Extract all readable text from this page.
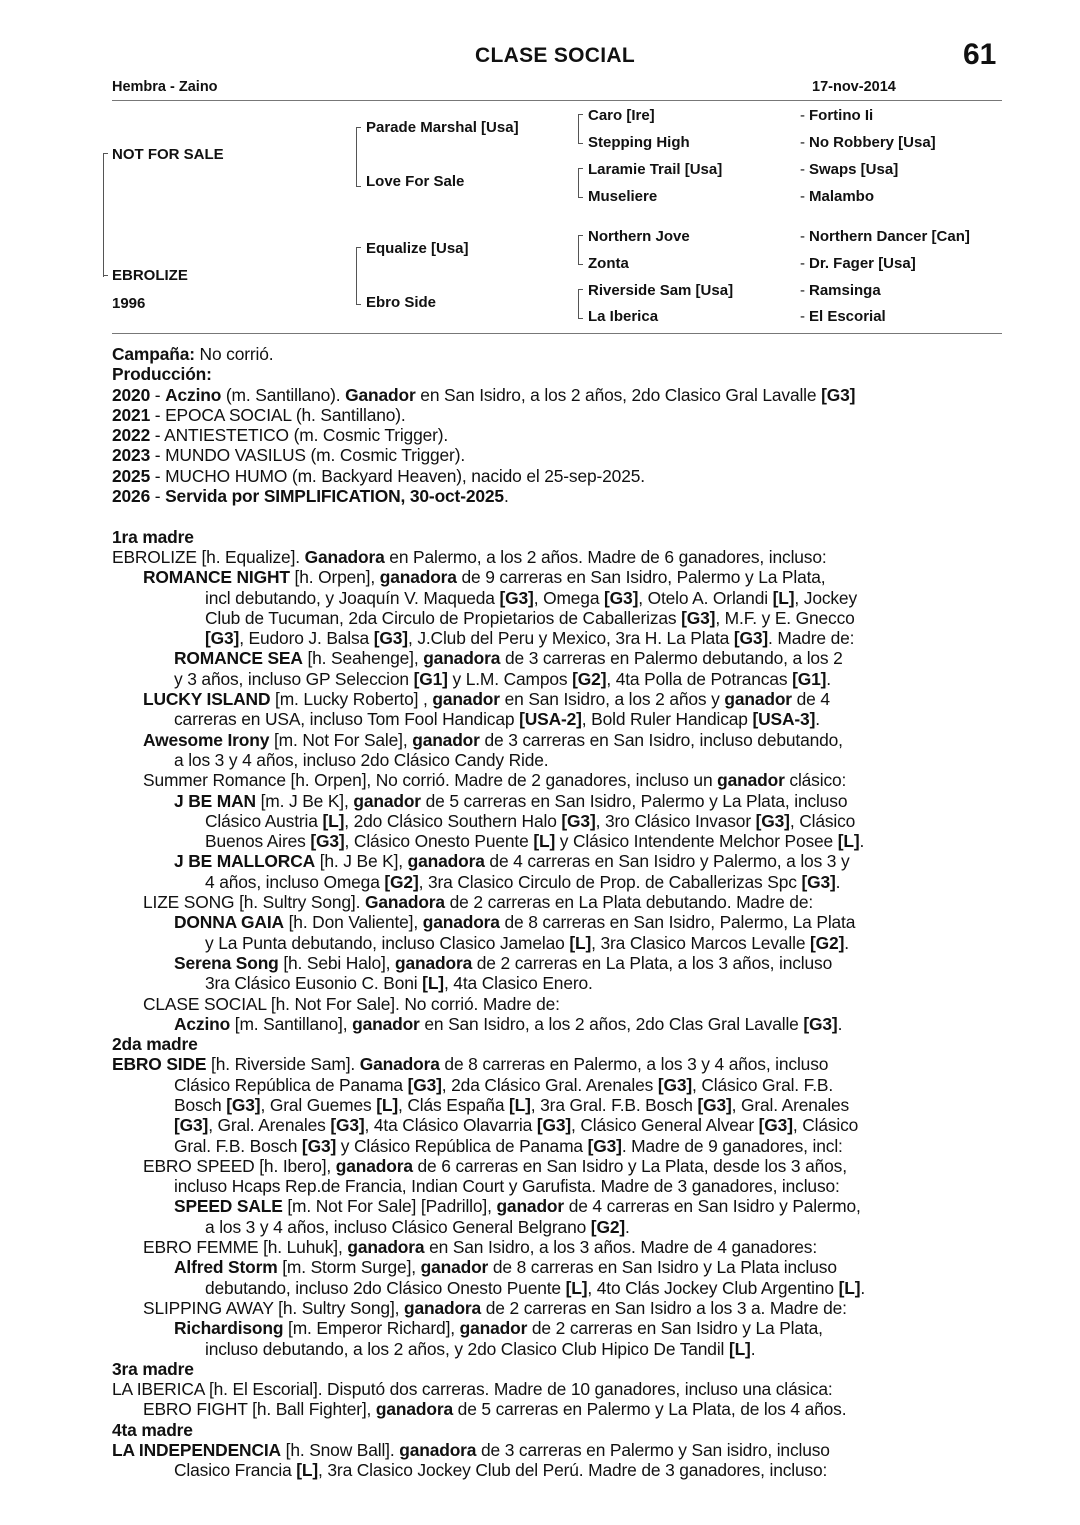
CLASE SOCIAL	61
Hembra - Zaino	17-nov-2014
NOT FOR SALE
EBROLIZE
1996
Parade Marshal [Usa]
Love For Sale
Equalize [Usa]
Ebro Side
Caro [Ire]
Stepping High
Laramie Trail [Usa]
Museliere
Northern Jove
Zonta
Riverside Sam [Usa]
La Iberica
- Fortino Ii
- No Robbery [Usa]
- Swaps [Usa]
- Malambo
- Northern Dancer [Can]
- Dr. Fager [Usa]
- Ramsinga
- El Escorial
Campaña: No corrió.
Producción:
2020 - Aczino (m. Santillano). Ganador en San Isidro, a los 2 años, 2do Clasico Gral Lavalle [G3]
2021 - EPOCA SOCIAL (h. Santillano).
2022 - ANTIESTETICO (m. Cosmic Trigger).
2023 - MUNDO VASILUS (m. Cosmic Trigger).
2025 - MUCHO HUMO (m. Backyard Heaven), nacido el 25-sep-2025.
2026 - Servida por SIMPLIFICATION, 30-oct-2025.
1ra madre
EBROLIZE [h. Equalize]. Ganadora en Palermo, a los 2 años. Madre de 6 ganadores, incluso:
ROMANCE NIGHT [h. Orpen], ganadora de 9 carreras en San Isidro, Palermo y La Plata,
incl debutando, y Joaquín V. Maqueda [G3], Omega [G3], Otelo A. Orlandi [L], Jockey
Club de Tucuman, 2da Circulo de Propietarios de Caballerizas [G3], M.F. y E. Gnecco
[G3], Eudoro J. Balsa [G3], J.Club del Peru y Mexico, 3ra H. La Plata [G3]. Madre de:
ROMANCE SEA [h. Seahenge], ganadora de 3 carreras en Palermo debutando, a los 2
y 3 años, incluso GP Seleccion [G1] y L.M. Campos [G2], 4ta Polla de Potrancas [G1].
LUCKY ISLAND [m. Lucky Roberto] , ganador en San Isidro, a los 2 años y ganador de 4
carreras en USA, incluso Tom Fool Handicap [USA-2], Bold Ruler Handicap [USA-3].
Awesome Irony [m. Not For Sale], ganador de 3 carreras en San Isidro, incluso debutando,
a los 3 y 4 años, incluso 2do Clásico Candy Ride.
Summer Romance [h. Orpen], No corrió. Madre de 2 ganadores, incluso un ganador clásico:
J BE MAN [m. J Be K], ganador de 5 carreras en San Isidro, Palermo y La Plata, incluso
Clásico Austria [L], 2do Clásico Southern Halo [G3], 3ro Clásico Invasor [G3], Clásico
Buenos Aires [G3], Clásico Onesto Puente [L] y Clásico Intendente Melchor Posee [L].
J BE MALLORCA [h. J Be K], ganadora de 4 carreras en San Isidro y Palermo, a los 3 y
4 años, incluso Omega [G2], 3ra Clasico Circulo de Prop. de Caballerizas Spc [G3].
LIZE SONG [h. Sultry Song]. Ganadora de 2 carreras en La Plata debutando. Madre de:
DONNA GAIA [h. Don Valiente], ganadora de 8 carreras en San Isidro, Palermo, La Plata
y La Punta debutando, incluso Clasico Jamelao [L], 3ra Clasico Marcos Levalle [G2].
Serena Song [h. Sebi Halo], ganadora de 2 carreras en La Plata, a los 3 años, incluso
3ra Clásico Eusonio C. Boni [L], 4ta Clasico Enero.
CLASE SOCIAL [h. Not For Sale]. No corrió. Madre de:
Aczino [m. Santillano], ganador en San Isidro, a los 2 años, 2do Clas Gral Lavalle [G3].
2da madre
EBRO SIDE [h. Riverside Sam]. Ganadora de 8 carreras en Palermo, a los 3 y 4 años, incluso
Clásico República de Panama [G3], 2da Clásico Gral. Arenales [G3], Clásico Gral. F.B.
Bosch [G3], Gral Guemes [L], Clás España [L], 3ra Gral. F.B. Bosch [G3], Gral. Arenales
[G3], Gral. Arenales [G3], 4ta Clásico Olavarria [G3], Clásico General Alvear [G3], Clásico
Gral. F.B. Bosch [G3] y Clásico República de Panama [G3]. Madre de 9 ganadores, incl:
EBRO SPEED [h. Ibero], ganadora de 6 carreras en San Isidro y La Plata, desde los 3 años,
incluso Hcaps Rep.de Francia, Indian Court y Garufista. Madre de 3 ganadores, incluso:
SPEED SALE [m. Not For Sale] [Padrillo], ganador de 4 carreras en San Isidro y Palermo,
a los 3 y 4 años, incluso Clásico General Belgrano [G2].
EBRO FEMME [h. Luhuk], ganadora en San Isidro, a los 3 años. Madre de 4 ganadores:
Alfred Storm [m. Storm Surge], ganador de 8 carreras en San Isidro y La Plata incluso
debutando, incluso 2do Clásico Onesto Puente [L], 4to Clás Jockey Club Argentino [L].
SLIPPING AWAY [h. Sultry Song], ganadora de 2 carreras en San Isidro a los 3 a. Madre de:
Richardisong [m. Emperor Richard], ganador de 2 carreras en San Isidro y La Plata,
incluso debutando, a los 2 años, y 2do Clasico Club Hipico De Tandil [L].
3ra madre
LA IBERICA [h. El Escorial]. Disputó dos carreras. Madre de 10 ganadores, incluso una clásica:
EBRO FIGHT [h. Ball Fighter], ganadora de 5 carreras en Palermo y La Plata, de los 4 años.
4ta madre
LA INDEPENDENCIA [h. Snow Ball]. ganadora de 3 carreras en Palermo y San isidro, incluso
Clasico Francia [L], 3ra Clasico Jockey Club del Perú. Madre de 3 ganadores, incluso:
